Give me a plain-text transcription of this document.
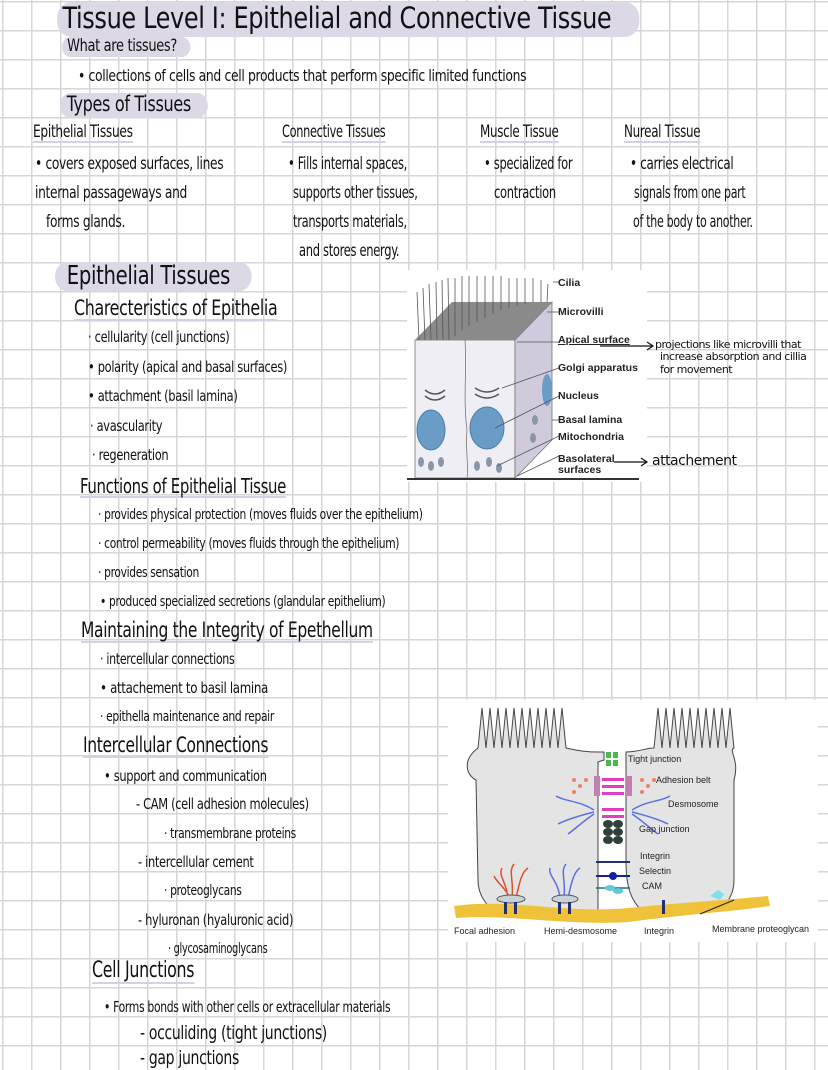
Tissue Level I: Epithelial and Connective Tissue
What are tissues?
• collections of cells and cell products that perform specific limited functions
Types of Tissues
Epithelial Tissues
• covers exposed surfaces, lines
internal passageways and
forms glands.
Connective Tissues
• Fills internal spaces,
supports other tissues,
transports materials,
and stores energy.
Muscle Tissue
• specialized for
contraction
Nureal Tissue
• carries electrical
signals from one part
of the body to another.
Epithelial Tissues
Charecteristics of Epithelia
· cellularity (cell junctions)
• polarity (apical and basal surfaces)
• attachment (basil lamina)
· avascularity
· regeneration
Functions of Epithelial Tissue
· provides physical protection (moves fluids over the epithelium)
· control permeability (moves fluids through the epithelium)
· provides sensation
• produced specialized secretions (glandular epithelium)
Maintaining the Integrity of Epethellum
· intercellular connections
• attachement to basil lamina
· epithella maintenance and repair
Intercellular Connections
• support and communication
- CAM (cell adhesion molecules)
· transmembrane proteins
- intercellular cement
· proteoglycans
- hyluronan (hyaluronic acid)
· glycosaminoglycans
Cell Junctions
• Forms bonds with other cells or extracellular materials
- occuliding (tight junctions)
- gap junctions
Cilia
Microvilli
Apical surface
Golgi apparatus
Nucleus
Basal lamina
Mitochondria
Basolateral
surfaces
projections like microvilli that
increase absorption and cillia
for movement
attachement
Tight junction
Adhesion belt
Desmosome
Gap junction
Integrin
Selectin
CAM
Focal adhesion	Hemi-desmosome	Integrin	Membrane proteoglycan
